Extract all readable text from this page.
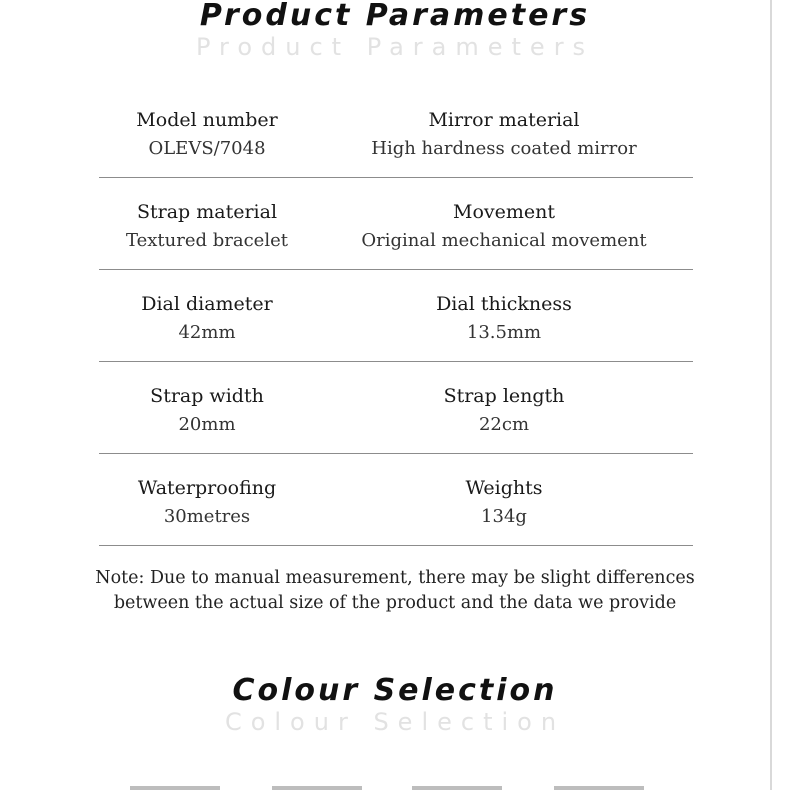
Product Parameters
Product Parameters
Model number
OLEVS/7048
Mirror material
High hardness coated mirror
Strap material
Textured bracelet
Movement
Original mechanical movement
Dial diameter
42mm
Dial thickness
13.5mm
Strap width
20mm
Strap length
22cm
Waterproofing
30metres
Weights
134g
Note: Due to manual measurement, there may be slight differences
between the actual size of the product and the data we provide
Colour Selection
Colour Selection
